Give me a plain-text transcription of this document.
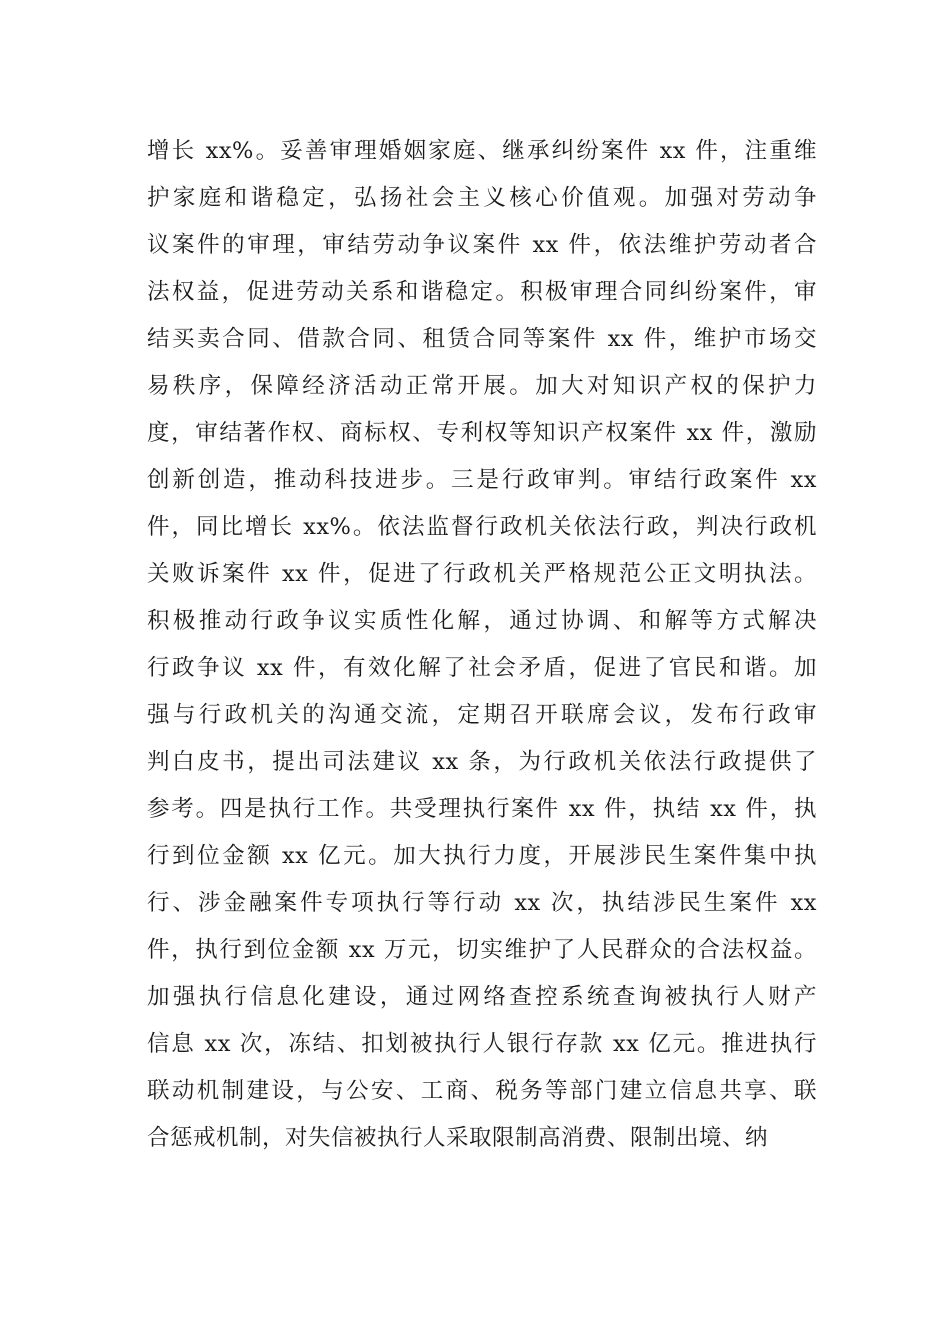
增长 xx%。妥善审理婚姻家庭、继承纠纷案件 xx 件，注重维
护家庭和谐稳定，弘扬社会主义核心价值观。加强对劳动争
议案件的审理，审结劳动争议案件 xx 件，依法维护劳动者合
法权益，促进劳动关系和谐稳定。积极审理合同纠纷案件，审
结买卖合同、借款合同、租赁合同等案件 xx 件，维护市场交
易秩序，保障经济活动正常开展。加大对知识产权的保护力
度，审结著作权、商标权、专利权等知识产权案件 xx 件，激励
创新创造，推动科技进步。三是行政审判。审结行政案件 xx
件，同比增长 xx%。依法监督行政机关依法行政，判决行政机
关败诉案件 xx 件，促进了行政机关严格规范公正文明执法。
积极推动行政争议实质性化解，通过协调、和解等方式解决
行政争议 xx 件，有效化解了社会矛盾，促进了官民和谐。加
强与行政机关的沟通交流，定期召开联席会议，发布行政审
判白皮书，提出司法建议 xx 条，为行政机关依法行政提供了
参考。四是执行工作。共受理执行案件 xx 件，执结 xx 件，执
行到位金额 xx 亿元。加大执行力度，开展涉民生案件集中执
行、涉金融案件专项执行等行动 xx 次，执结涉民生案件 xx
件，执行到位金额 xx 万元，切实维护了人民群众的合法权益。
加强执行信息化建设，通过网络查控系统查询被执行人财产
信息 xx 次，冻结、扣划被执行人银行存款 xx 亿元。推进执行
联动机制建设，与公安、工商、税务等部门建立信息共享、联
合惩戒机制，对失信被执行人采取限制高消费、限制出境、纳
